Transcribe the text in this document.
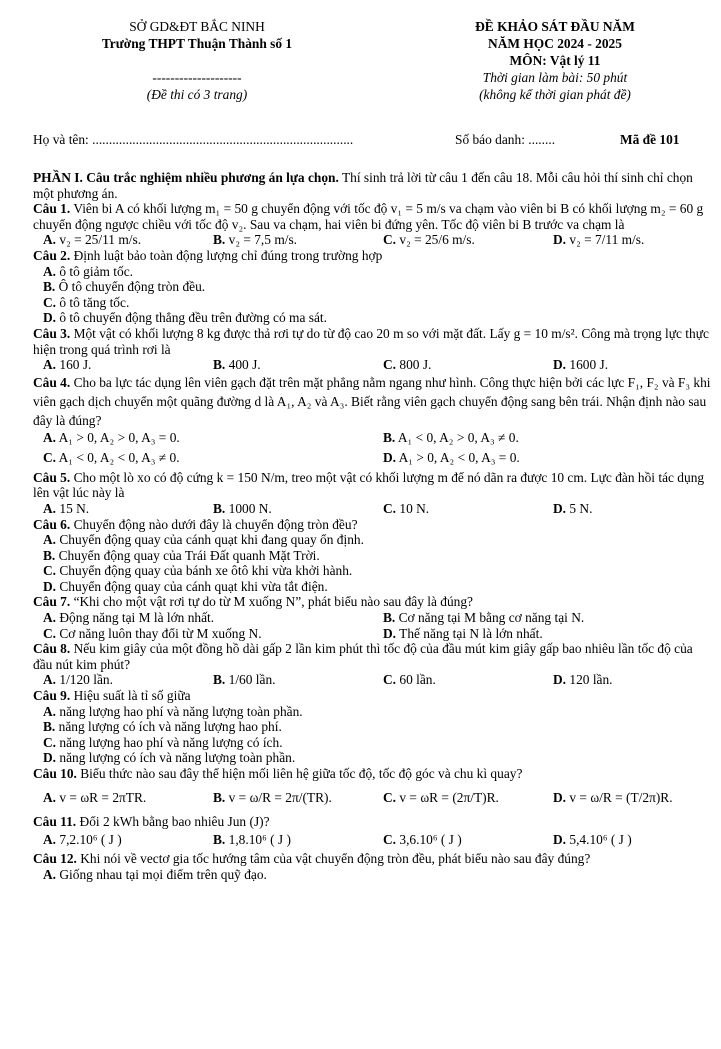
SỞ GD&ĐT BẮC NINH
Trường THPT Thuận Thành số 1
--------------------
(Đề thi có 3 trang)
ĐỀ KHẢO SÁT ĐẦU NĂM
NĂM HỌC 2024 - 2025
MÔN: Vật lý 11
Thời gian làm bài: 50 phút
(không kể thời gian phát đề)
Họ và tên: ..............................................................................	Số báo danh: ........	Mã đề 101

PHẦN I. Câu trắc nghiệm nhiều phương án lựa chọn. Thí sinh trả lời từ câu 1 đến câu 18. Mỗi câu hỏi thí sinh chỉ chọn một phương án.

Câu 1. Viên bi A có khối lượng m₁ = 50 g chuyển động với tốc độ v₁ = 5 m/s va chạm vào viên bi B có khối lượng m₂ = 60 g chuyển động ngược chiều với tốc độ v₂. Sau va chạm, hai viên bi đứng yên. Tốc độ viên bi B trước va chạm là

A. v₂ = 25/11 m/s.	B. v₂ = 7,5 m/s.	C. v₂ = 25/6 m/s.	D. v₂ = 7/11 m/s.

Câu 2. Định luật bảo toàn động lượng chỉ đúng trong trường hợp

A. ô tô giảm tốc.

B. Ô tô chuyển động tròn đều.

C. ô tô tăng tốc.

D. ô tô chuyển động thẳng đều trên đường có ma sát.

Câu 3. Một vật có khối lượng 8 kg được thả rơi tự do từ độ cao 20 m so với mặt đất. Lấy g = 10 m/s². Công mà trọng lực thực hiện trong quá trình rơi là

A. 160 J.	B. 400 J.	C. 800 J.	D. 1600 J.

Câu 4. Cho ba lực tác dụng lên viên gạch đặt trên mặt phẳng nằm ngang như hình. Công thực hiện bởi các lực F₁, F₂ và F₃ khi viên gạch dịch chuyển một quãng đường d là A₁, A₂ và A₃. Biết rằng viên gạch chuyển động sang bên trái. Nhận định nào sau đây là đúng?

A. A₁ > 0, A₂ > 0, A₃ = 0.	B. A₁ < 0, A₂ > 0, A₃ ≠ 0.
C. A₁ < 0, A₂ < 0, A₃ ≠ 0.	D. A₁ > 0, A₂ < 0, A₃ = 0.

Câu 5. Cho một lò xo có độ cứng k = 150 N/m, treo một vật có khối lượng m để nó dãn ra được 10 cm. Lực đàn hồi tác dụng lên vật lúc này là

A. 15 N.	B. 1000 N.	C. 10 N.	D. 5 N.

Câu 6. Chuyển động nào dưới đây là chuyển động tròn đều?

A. Chuyển động quay của cánh quạt khi đang quay ổn định.

B. Chuyển động quay của Trái Đất quanh Mặt Trời.

C. Chuyển động quay của bánh xe ôtô khi vừa khởi hành.

D. Chuyển động quay của cánh quạt khi vừa tắt điện.

Câu 7. “Khi cho một vật rơi tự do từ M xuống N”, phát biểu nào sau đây là đúng?

A. Động năng tại M là lớn nhất.	B. Cơ năng tại M bằng cơ năng tại N.
C. Cơ năng luôn thay đổi từ M xuống N.	D. Thế năng tại N là lớn nhất.

Câu 8. Nếu kim giây của một đồng hồ dài gấp 2 lần kim phút thì tốc độ của đầu mút kim giây gấp bao nhiêu lần tốc độ của đầu nút kim phút?

A. 1/120 lần.	B. 1/60 lần.	C. 60 lần.	D. 120 lần.

Câu 9. Hiệu suất là tỉ số giữa

A. năng lượng hao phí và năng lượng toàn phần.

B. năng lượng có ích và năng lượng hao phí.

C. năng lượng hao phí và năng lượng có ích.

D. năng lượng có ích và năng lượng toàn phần.

Câu 10. Biểu thức nào sau đây thể hiện mối liên hệ giữa tốc độ, tốc độ góc và chu kì quay?

A. v = ωR = 2πTR.	B. v = ω/R = 2π/(TR).	C. v = ωR = (2π/T)R.	D. v = ω/R = (T/2π)R.

Câu 11. Đổi 2 kWh bằng bao nhiêu Jun (J)?

A. 7,2.10⁶ ( J )	B. 1,8.10⁶ ( J )	C. 3,6.10⁶ ( J )	D. 5,4.10⁶ ( J )

Câu 12. Khi nói về vectơ gia tốc hướng tâm của vật chuyển động tròn đều, phát biểu nào sau đây đúng?

A. Giống nhau tại mọi điểm trên quỹ đạo.
